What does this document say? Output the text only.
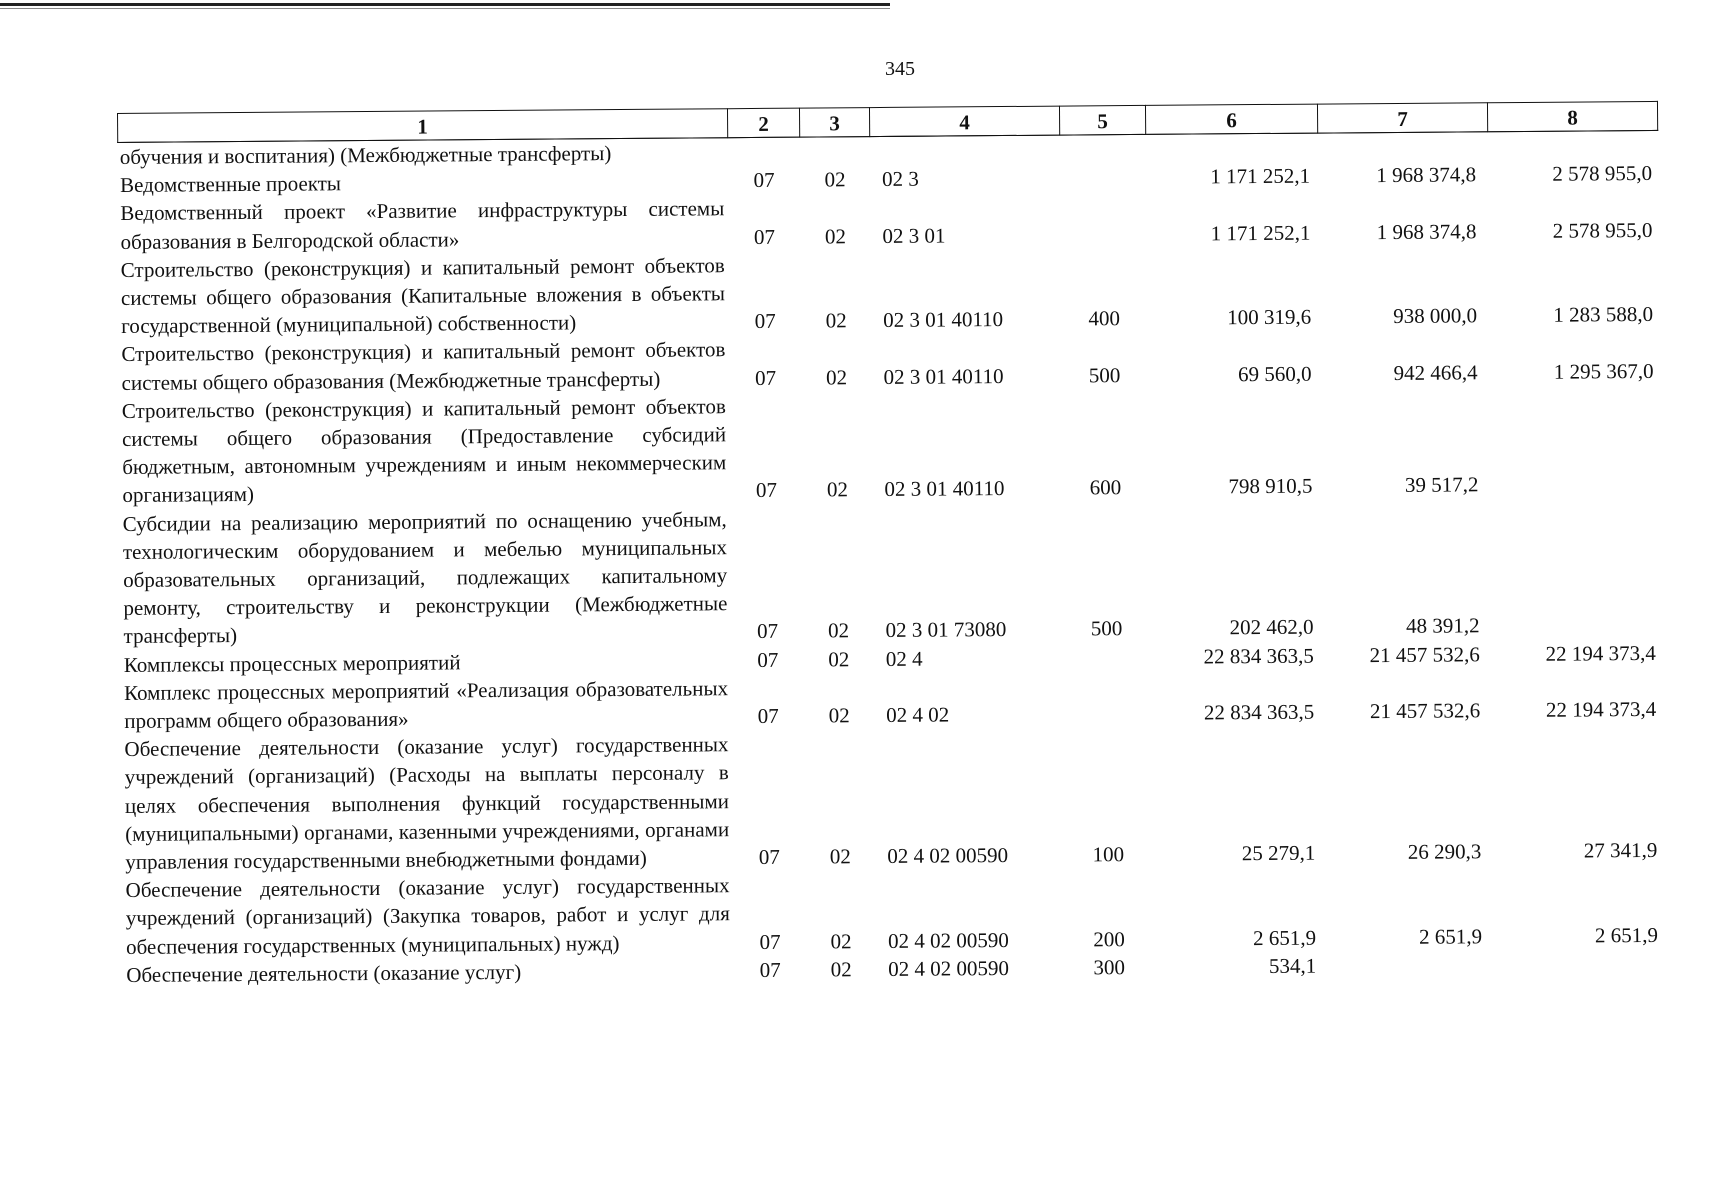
345
1	2	3	4	5	6	7	8
обучения и воспитания) (Межбюджетные трансферты)							
Ведомственные проекты	07	02	02 3		1 171 252,1	1 968 374,8	2 578 955,0
Ведомственный проект «Развитие инфраструктуры системы образования в Белгородской области»	07	02	02 3 01		1 171 252,1	1 968 374,8	2 578 955,0
Строительство (реконструкция) и капитальный ремонт объектов системы общего образования (Капитальные вложения в объекты государственной (муниципальной) собственности)	07	02	02 3 01 40110	400	100 319,6	938 000,0	1 283 588,0
Строительство (реконструкция) и капитальный ремонт объектов системы общего образования (Межбюджетные трансферты)	07	02	02 3 01 40110	500	69 560,0	942 466,4	1 295 367,0
Строительство (реконструкция) и капитальный ремонт объектов системы общего образования (Предоставление субсидий бюджетным, автономным учреждениям и иным некоммерческим организациям)	07	02	02 3 01 40110	600	798 910,5	39 517,2	
Субсидии на реализацию мероприятий по оснащению учебным, технологическим оборудованием и мебелью муниципальных образовательных организаций, подлежащих капитальному ремонту, строительству и реконструкции (Межбюджетные трансферты)	07	02	02 3 01 73080	500	202 462,0	48 391,2	
Комплексы процессных мероприятий	07	02	02 4		22 834 363,5	21 457 532,6	22 194 373,4
Комплекс процессных мероприятий «Реализация образовательных программ общего образования»	07	02	02 4 02		22 834 363,5	21 457 532,6	22 194 373,4
Обеспечение деятельности (оказание услуг) государственных учреждений (организаций) (Расходы на выплаты персоналу в целях обеспечения выполнения функций государственными (муниципальными) органами, казенными учреждениями, органами управления государственными внебюджетными фондами)	07	02	02 4 02 00590	100	25 279,1	26 290,3	27 341,9
Обеспечение деятельности (оказание услуг) государственных учреждений (организаций) (Закупка товаров, работ и услуг для обеспечения государственных (муниципальных) нужд)	07	02	02 4 02 00590	200	2 651,9	2 651,9	2 651,9
Обеспечение деятельности (оказание услуг)	07	02	02 4 02 00590	300	534,1		
